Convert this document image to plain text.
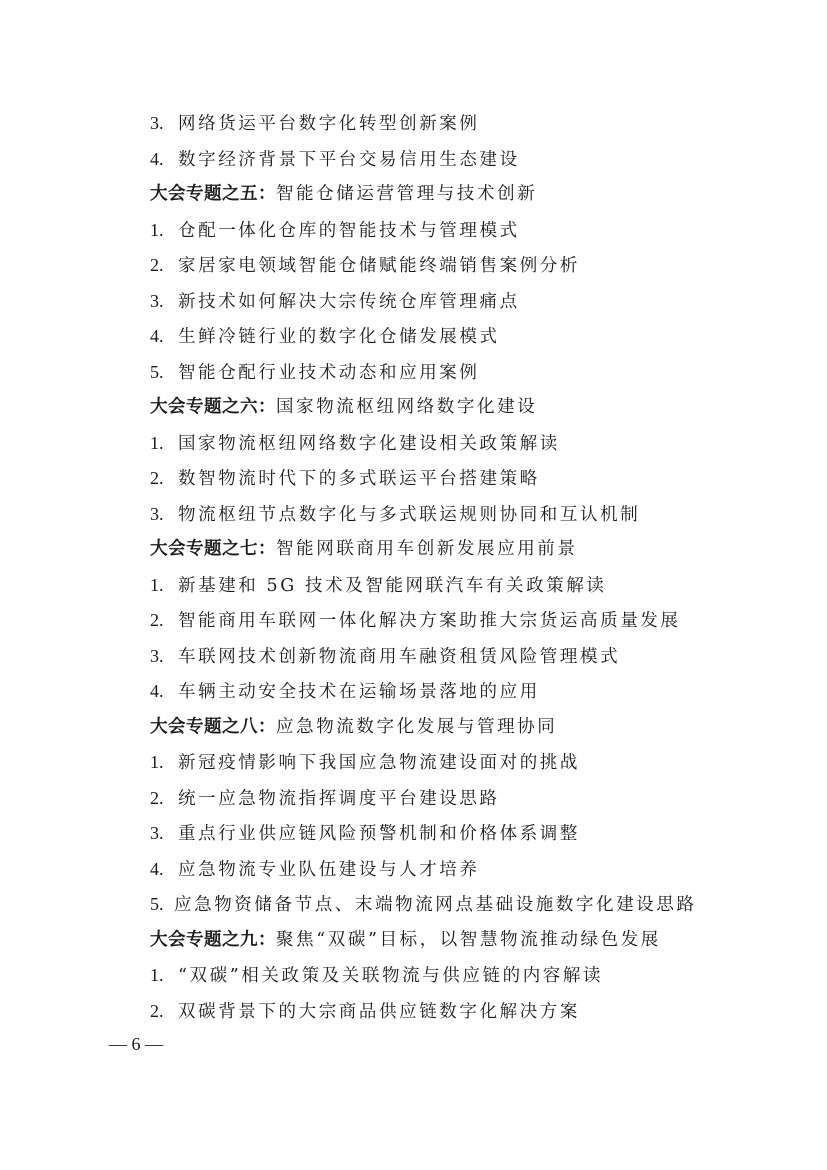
3. 网络货运平台数字化转型创新案例
4. 数字经济背景下平台交易信用生态建设
大会专题之五：智能仓储运营管理与技术创新
1. 仓配一体化仓库的智能技术与管理模式
2. 家居家电领域智能仓储赋能终端销售案例分析
3. 新技术如何解决大宗传统仓库管理痛点
4. 生鲜冷链行业的数字化仓储发展模式
5. 智能仓配行业技术动态和应用案例
大会专题之六：国家物流枢纽网络数字化建设
1. 国家物流枢纽网络数字化建设相关政策解读
2. 数智物流时代下的多式联运平台搭建策略
3. 物流枢纽节点数字化与多式联运规则协同和互认机制
大会专题之七：智能网联商用车创新发展应用前景
1. 新基建和 5G 技术及智能网联汽车有关政策解读
2. 智能商用车联网一体化解决方案助推大宗货运高质量发展
3. 车联网技术创新物流商用车融资租赁风险管理模式
4. 车辆主动安全技术在运输场景落地的应用
大会专题之八：应急物流数字化发展与管理协同
1. 新冠疫情影响下我国应急物流建设面对的挑战
2. 统一应急物流指挥调度平台建设思路
3. 重点行业供应链风险预警机制和价格体系调整
4. 应急物流专业队伍建设与人才培养
5. 应急物资储备节点、末端物流网点基础设施数字化建设思路
大会专题之九：聚焦“双碳”目标，以智慧物流推动绿色发展
1. “双碳”相关政策及关联物流与供应链的内容解读
2. 双碳背景下的大宗商品供应链数字化解决方案
— 6 —
